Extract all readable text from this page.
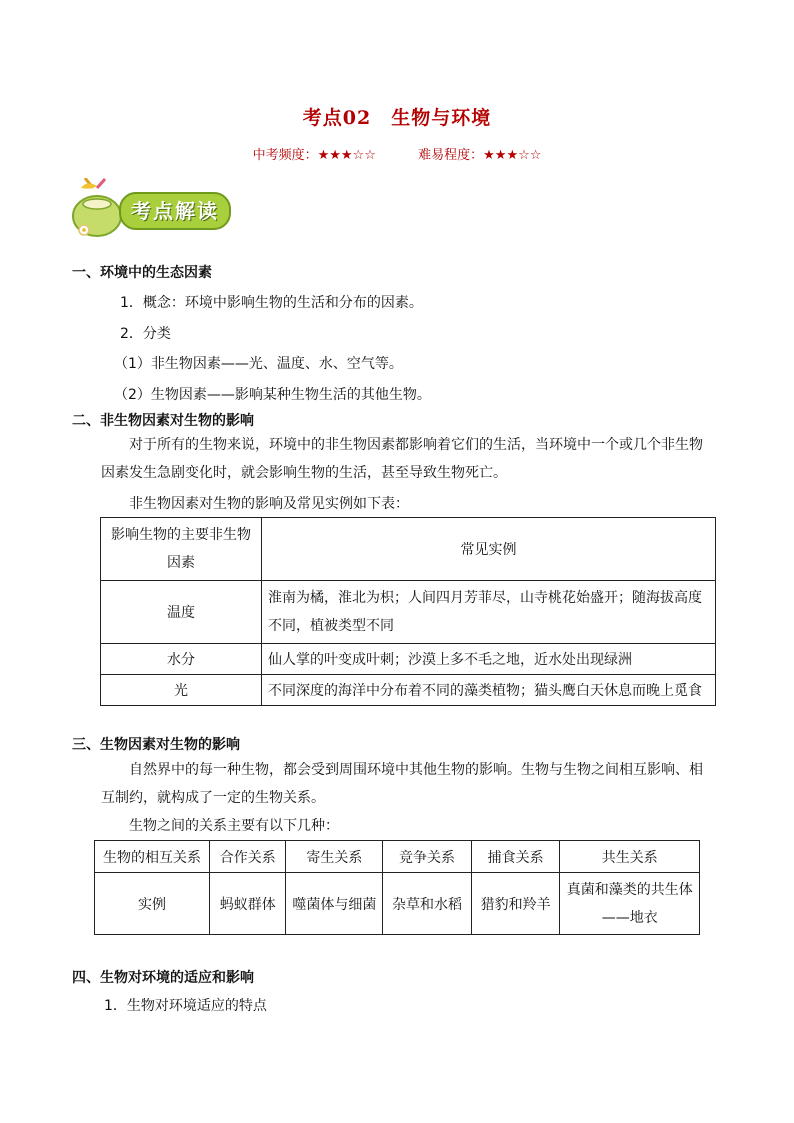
考点02　生物与环境
中考频度：★★★☆☆	难易程度：★★★☆☆
考点解读
一、环境中的生态因素
1．概念：环境中影响生物的生活和分布的因素。
2．分类
（1）非生物因素——光、温度、水、空气等。
（2）生物因素——影响某种生物生活的其他生物。
二、非生物因素对生物的影响
对于所有的生物来说，环境中的非生物因素都影响着它们的生活，当环境中一个或几个非生物因素发生急剧变化时，就会影响生物的生活，甚至导致生物死亡。
非生物因素对生物的影响及常见实例如下表：
影响生物的主要非生物因素	常见实例
温度	淮南为橘，淮北为枳；人间四月芳菲尽，山寺桃花始盛开；随海拔高度不同，植被类型不同
水分	仙人掌的叶变成叶刺；沙漠上多不毛之地，近水处出现绿洲
光	不同深度的海洋中分布着不同的藻类植物；猫头鹰白天休息而晚上觅食
三、生物因素对生物的影响
自然界中的每一种生物，都会受到周围环境中其他生物的影响。生物与生物之间相互影响、相互制约，就构成了一定的生物关系。
生物之间的关系主要有以下几种：
生物的相互关系	合作关系	寄生关系	竞争关系	捕食关系	共生关系
实例	蚂蚁群体	噬菌体与细菌	杂草和水稻	猎豹和羚羊	真菌和藻类的共生体——地衣
四、生物对环境的适应和影响
1．生物对环境适应的特点
